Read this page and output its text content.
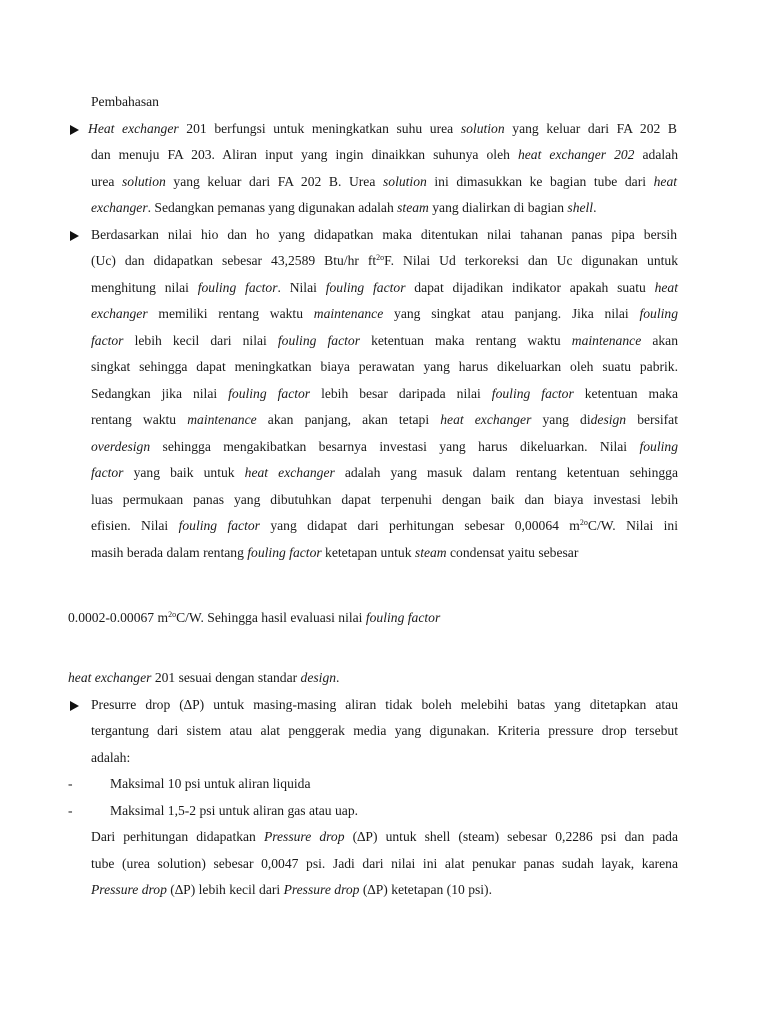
Pembahasan
Heat exchanger 201 berfungsi untuk meningkatkan suhu urea solution yang keluar dari FA 202 B
dan menuju FA 203. Aliran input yang ingin dinaikkan suhunya oleh heat exchanger 202 adalah
urea solution yang keluar dari FA 202 B. Urea solution ini dimasukkan ke bagian tube dari heat
exchanger. Sedangkan pemanas yang digunakan adalah steam yang dialirkan di bagian shell.
Berdasarkan nilai hio dan ho yang didapatkan maka ditentukan nilai tahanan panas pipa bersih
(Uc) dan didapatkan sebesar 43,2589 Btu/hr $ft^{2o}F$. Nilai Ud terkoreksi dan Uc digunakan untuk
menghitung nilai fouling factor. Nilai fouling factor dapat dijadikan indikator apakah suatu heat
exchanger memiliki rentang waktu maintenance yang singkat atau panjang. Jika nilai fouling
factor lebih kecil dari nilai fouling factor ketentuan maka rentang waktu maintenance akan
singkat sehingga dapat meningkatkan biaya perawatan yang harus dikeluarkan oleh suatu pabrik.
Sedangkan jika nilai fouling factor lebih besar daripada nilai fouling factor ketentuan maka
rentang waktu maintenance akan panjang, akan tetapi heat exchanger yang didesign bersifat
overdesign sehingga mengakibatkan besarnya investasi yang harus dikeluarkan. Nilai fouling
factor yang baik untuk heat exchanger adalah yang masuk dalam rentang ketentuan sehingga
luas permukaan panas yang dibutuhkan dapat terpenuhi dengan baik dan biaya investasi lebih
efisien. Nilai fouling factor yang didapat dari perhitungan sebesar 0,00064 $m^{2o}C/W$. Nilai ini
masih berada dalam rentang fouling factor ketetapan untuk steam condensat yaitu sebesar
0.0002-0.00067 $m^{2o}C/W$. Sehingga hasil evaluasi nilai fouling factor
heat exchanger 201 sesuai dengan standar design.
Presurre drop (∆P) untuk masing-masing aliran tidak boleh melebihi batas yang ditetapkan atau
tergantung dari sistem atau alat penggerak media yang digunakan. Kriteria pressure drop tersebut
adalah:
-	Maksimal 10 psi untuk aliran liquida
-	Maksimal 1,5-2 psi untuk aliran gas atau uap.
Dari perhitungan didapatkan Pressure drop (∆P) untuk shell (steam) sebesar 0,2286 psi dan pada
tube (urea solution) sebesar 0,0047 psi. Jadi dari nilai ini alat penukar panas sudah layak, karena
Pressure drop (∆P) lebih kecil dari Pressure drop (∆P) ketetapan (10 psi).
